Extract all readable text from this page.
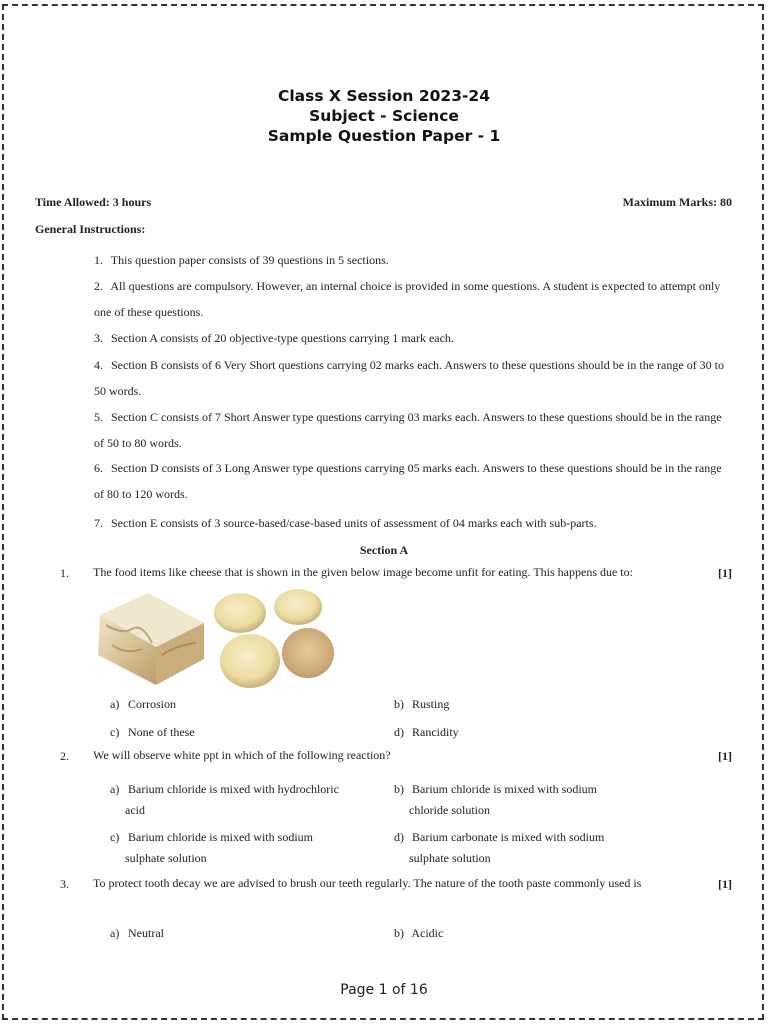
Class X Session 2023-24
Subject - Science
Sample Question Paper - 1
Time Allowed: 3 hours	Maximum Marks: 80
General Instructions:
1. This question paper consists of 39 questions in 5 sections.
2. All questions are compulsory. However, an internal choice is provided in some questions. A student is expected to attempt only one of these questions.
3. Section A consists of 20 objective-type questions carrying 1 mark each.
4. Section B consists of 6 Very Short questions carrying 02 marks each. Answers to these questions should be in the range of 30 to 50 words.
5. Section C consists of 7 Short Answer type questions carrying 03 marks each. Answers to these questions should be in the range of 50 to 80 words.
6. Section D consists of 3 Long Answer type questions carrying 05 marks each. Answers to these questions should be in the range of 80 to 120 words.
7. Section E consists of 3 source-based/case-based units of assessment of 04 marks each with sub-parts.
Section A
1. The food items like cheese that is shown in the given below image become unfit for eating. This happens due to:	[1]
a) Corrosion	b) Rusting
c) None of these	d) Rancidity
2. We will observe white ppt in which of the following reaction?	[1]
a) Barium chloride is mixed with hydrochloric
acid
b) Barium chloride is mixed with sodium
chloride solution
c) Barium chloride is mixed with sodium
sulphate solution
d) Barium carbonate is mixed with sodium
sulphate solution
3. To protect tooth decay we are advised to brush our teeth regularly. The nature of the tooth paste commonly used is	[1]
a) Neutral	b) Acidic
Page 1 of 16
